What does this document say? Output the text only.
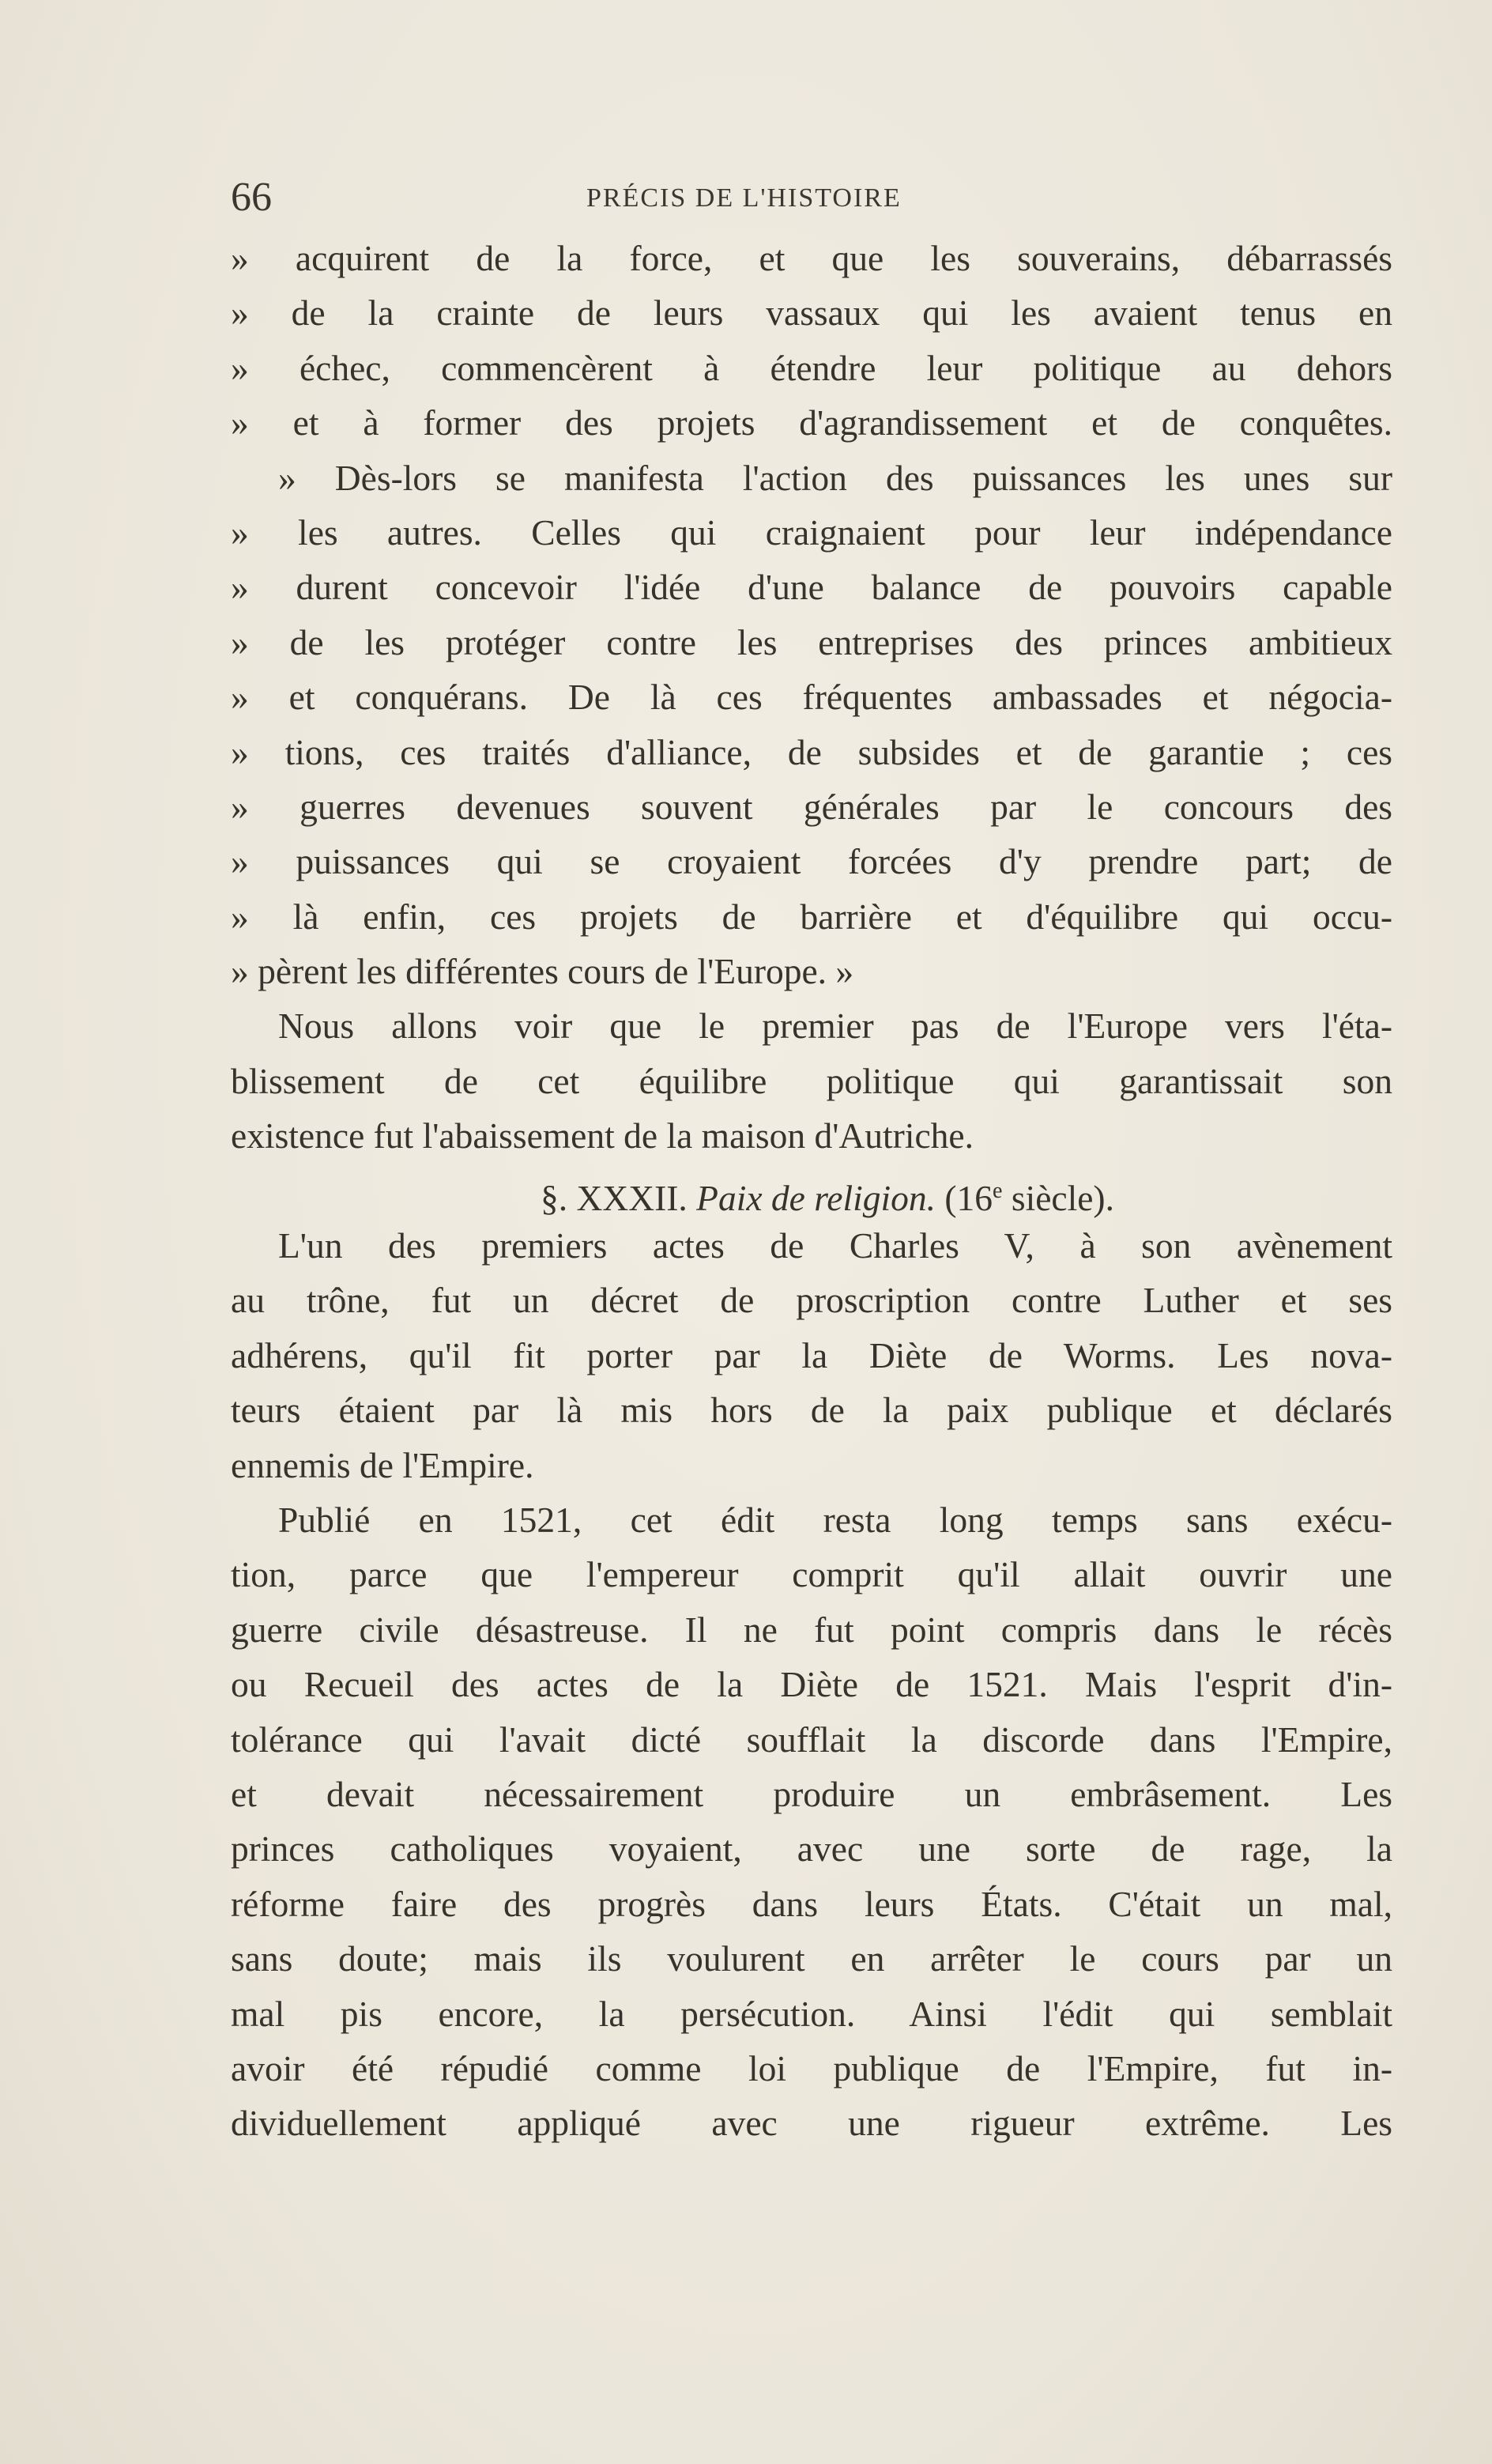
66	PRÉCIS DE L'HISTOIRE
» acquirent de la force, et que les souverains, débarrassés
» de la crainte de leurs vassaux qui les avaient tenus en
» échec, commencèrent à étendre leur politique au dehors
» et à former des projets d'agrandissement et de conquêtes.
» Dès-lors se manifesta l'action des puissances les unes sur
» les autres. Celles qui craignaient pour leur indépendance
» durent concevoir l'idée d'une balance de pouvoirs capable
» de les protéger contre les entreprises des princes ambitieux
» et conquérans. De là ces fréquentes ambassades et négocia-
» tions, ces traités d'alliance, de subsides et de garantie ; ces
» guerres devenues souvent générales par le concours des
» puissances qui se croyaient forcées d'y prendre part; de
» là enfin, ces projets de barrière et d'équilibre qui occu-
» pèrent les différentes cours de l'Europe. »
Nous allons voir que le premier pas de l'Europe vers l'éta-
blissement de cet équilibre politique qui garantissait son
existence fut l'abaissement de la maison d'Autriche.
§. XXXII. Paix de religion. (16e siècle).
L'un des premiers actes de Charles V, à son avènement
au trône, fut un décret de proscription contre Luther et ses
adhérens, qu'il fit porter par la Diète de Worms. Les nova-
teurs étaient par là mis hors de la paix publique et déclarés
ennemis de l'Empire.
Publié en 1521, cet édit resta long temps sans exécu-
tion, parce que l'empereur comprit qu'il allait ouvrir une
guerre civile désastreuse. Il ne fut point compris dans le récès
ou Recueil des actes de la Diète de 1521. Mais l'esprit d'in-
tolérance qui l'avait dicté soufflait la discorde dans l'Empire,
et devait nécessairement produire un embrâsement. Les
princes catholiques voyaient, avec une sorte de rage, la
réforme faire des progrès dans leurs États. C'était un mal,
sans doute; mais ils voulurent en arrêter le cours par un
mal pis encore, la persécution. Ainsi l'édit qui semblait
avoir été répudié comme loi publique de l'Empire, fut in-
dividuellement appliqué avec une rigueur extrême. Les
